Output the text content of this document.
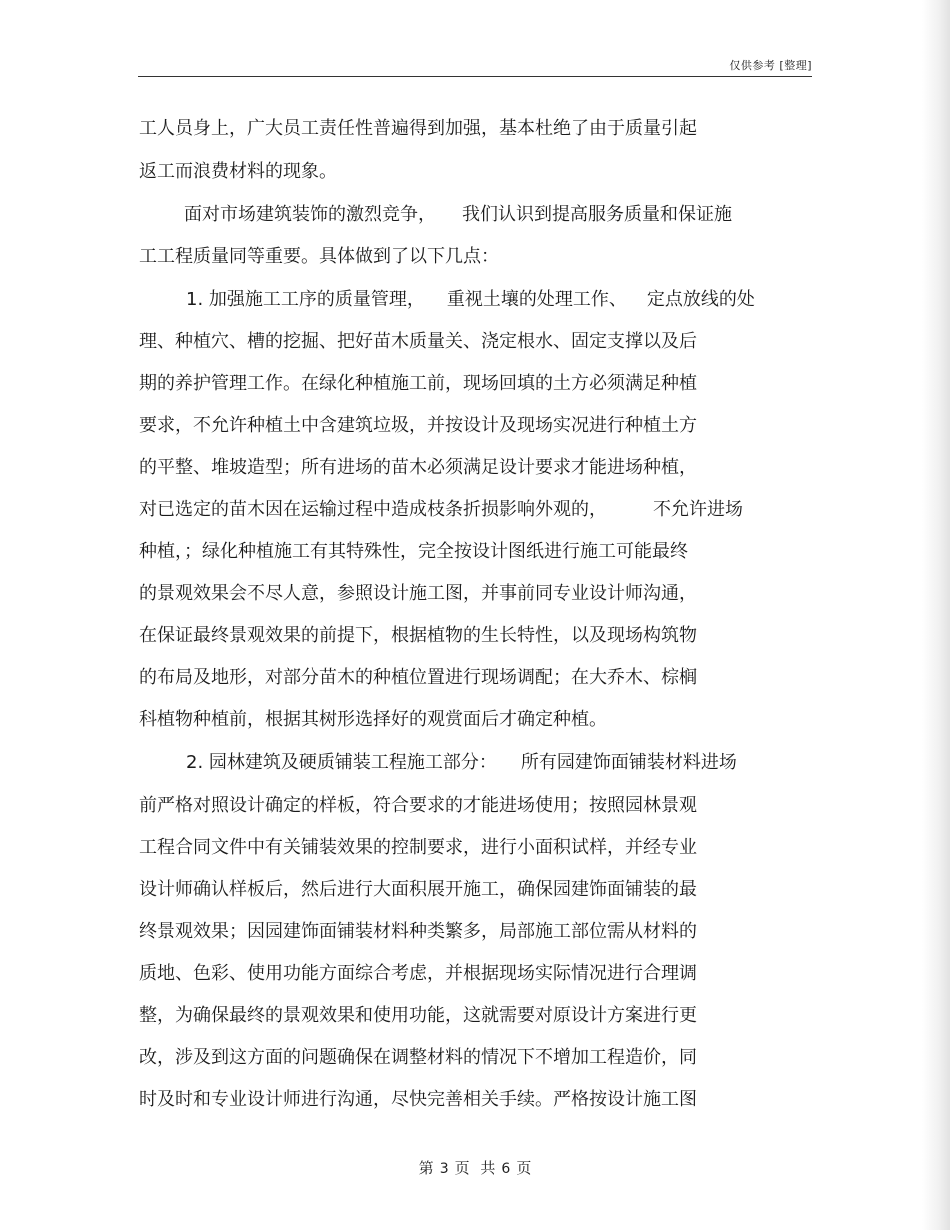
仅供参考 [整理]
工人员身上，广大员工责任性普遍得到加强，基本杜绝了由于质量引起
返工而浪费材料的现象。
面对市场建筑装饰的激烈竞争， 我们认识到提高服务质量和保证施
工工程质量同等重要。具体做到了以下几点：
1. 加强施工工序的质量管理， 重视土壤的处理工作、 定点放线的处
理、种植穴、槽的挖掘、把好苗木质量关、浇定根水、固定支撑以及后
期的养护管理工作。在绿化种植施工前，现场回填的土方必须满足种植
要求，不允许种植土中含建筑垃圾，并按设计及现场实况进行种植土方
的平整、堆坡造型；所有进场的苗木必须满足设计要求才能进场种植，
对已选定的苗木因在运输过程中造成枝条折损影响外观的，	不允许进场
种植，；绿化种植施工有其特殊性，完全按设计图纸进行施工可能最终
的景观效果会不尽人意，参照设计施工图，并事前同专业设计师沟通，
在保证最终景观效果的前提下，根据植物的生长特性，以及现场构筑物
的布局及地形，对部分苗木的种植位置进行现场调配；在大乔木、棕榈
科植物种植前，根据其树形选择好的观赏面后才确定种植。
2. 园林建筑及硬质铺装工程施工部分： 所有园建饰面铺装材料进场
前严格对照设计确定的样板，符合要求的才能进场使用；按照园林景观
工程合同文件中有关铺装效果的控制要求，进行小面积试样，并经专业
设计师确认样板后，然后进行大面积展开施工，确保园建饰面铺装的最
终景观效果；因园建饰面铺装材料种类繁多，局部施工部位需从材料的
质地、色彩、使用功能方面综合考虑，并根据现场实际情况进行合理调
整，为确保最终的景观效果和使用功能，这就需要对原设计方案进行更
改，涉及到这方面的问题确保在调整材料的情况下不增加工程造价，同
时及时和专业设计师进行沟通，尽快完善相关手续。严格按设计施工图
第 3 页 共 6 页
